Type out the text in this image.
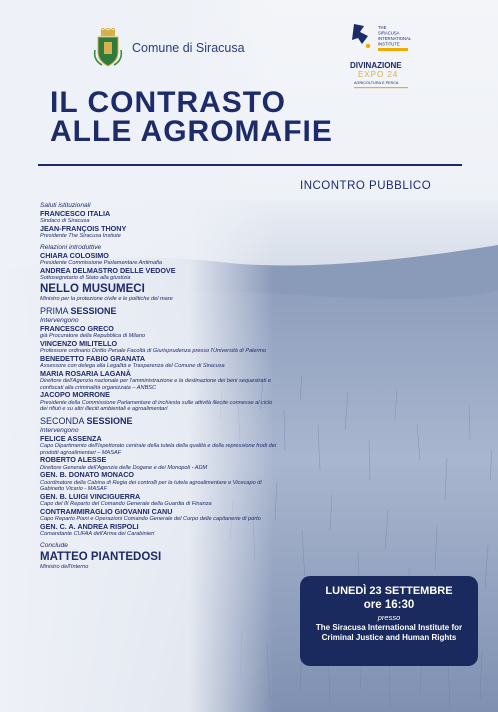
Comune di Siracusa
THE
SIRACUSA
INTERNATIONAL
INSTITUTE
DIVINAZIONE
EXPO 24
AGRICOLTURA E PESCA
IL CONTRASTO
ALLE AGROMAFIE
INCONTRO PUBBLICO
Saluti istituzionali
FRANCESCO ITALIA
Sindaco di Siracusa
JEAN-FRANÇOIS THONY
Presidente The Siracusa Instiute
Relazioni introduttive
CHIARA COLOSIMO
Presidente Commissione Parlamentare Antimafia
ANDREA DELMASTRO DELLE VEDOVE
Sottosegretario di Stato alla giustizia
NELLO MUSUMECI
Ministro per la protezione civile e le politiche del mare
PRIMA SESSIONE
Intervengono
FRANCESCO GRECO
già Procuratore della Repubblica di Milano
VINCENZO MILITELLO
Professore ordinario Diritto Penale Facoltà di Giurisprudenza presso l'Università di Palermo
BENEDETTO FABIO GRANATA
Assessore con delega alla Legalità e Trasparenza del Comune di Siracusa
MARIA ROSARIA LAGANÀ
Direttore dell'Agenzia nazionale per l'amministrazione e la destinazione dei beni sequestrati e confiscati alla criminalità organizzata – ANBSC
JACOPO MORRONE
Presidente della Commissione Parlamentare di inchiesta sulle attività illecite connesse al ciclo dei rifiuti e su altri illeciti ambientali e agroalimentari
SECONDA SESSIONE
Intervengono
FELICE ASSENZA
Capo Dipartimento dell'Ispettorato centrale della tutela della qualità e della repressione frodi dei prodotti agroalimentari – MASAF
ROBERTO ALESSE
Direttore Generale dell'Agenzia delle Dogane e dei Monopoli - ADM
GEN. B. DONATO MONACO
Coordinatore della Cabina di Regia dei controlli per la tutela agroalimentare e Vicecapo di Gabinetto Vicario - MASAF
GEN. B. LUIGI VINCIGUERRA
Capo del III Reparto del Comando Generale della Guardia di Finanza
CONTRAMMIRAGLIO GIOVANNI CANU
Capo Reparto Piani e Operazioni Comando Generale del Corpo delle capitanerie di porto
GEN. C. A. ANDREA RISPOLI
Comandante CUFAA dell'Arma dei Carabinieri
Conclude
MATTEO PIANTEDOSI
Ministro dell'Interno
LUNEDÌ 23 SETTEMBRE
ore 16:30
presso
The Siracusa International Institute for Criminal Justice and Human Rights
